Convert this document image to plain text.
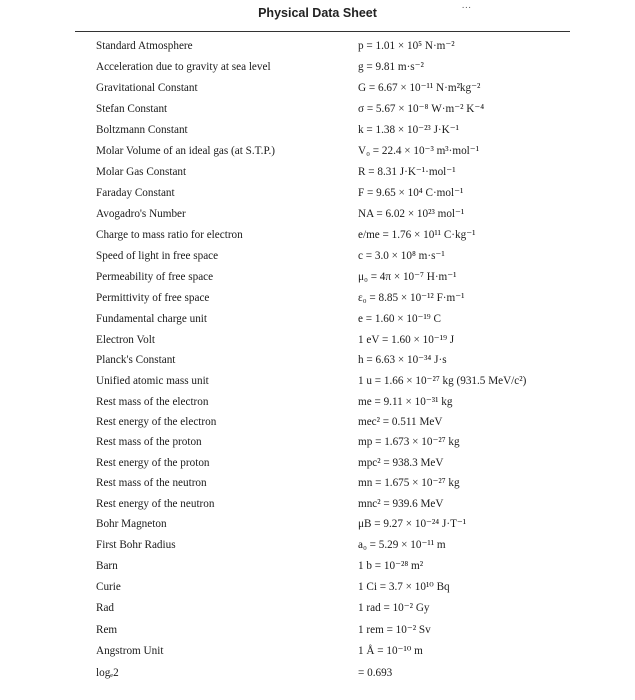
...
Physical Data Sheet
Standard Atmosphere	p = 1.01 × 10⁵ N·m⁻²
Acceleration due to gravity at sea level	g = 9.81 m·s⁻²
Gravitational Constant	G = 6.67 × 10⁻¹¹ N·m²kg⁻²
Stefan Constant	σ = 5.67 × 10⁻⁸ W·m⁻² K⁻⁴
Boltzmann Constant	k = 1.38 × 10⁻²³ J·K⁻¹
Molar Volume of an ideal gas (at S.T.P.)	V₀ = 22.4 × 10⁻³ m³·mol⁻¹
Molar Gas Constant	R = 8.31 J·K⁻¹·mol⁻¹
Faraday Constant	F = 9.65 × 10⁴ C·mol⁻¹
Avogadro's Number	NA = 6.02 × 10²³ mol⁻¹
Charge to mass ratio for electron	e/me = 1.76 × 10¹¹ C·kg⁻¹
Speed of light in free space	c = 3.0 × 10⁸ m·s⁻¹
Permeability of free space	μ₀ = 4π × 10⁻⁷ H·m⁻¹
Permittivity of free space	ε₀ = 8.85 × 10⁻¹² F·m⁻¹
Fundamental charge unit	e = 1.60 × 10⁻¹⁹ C
Electron Volt	1 eV = 1.60 × 10⁻¹⁹ J
Planck's Constant	h = 6.63 × 10⁻³⁴ J·s
Unified atomic mass unit	1 u = 1.66 × 10⁻²⁷ kg (931.5 MeV/c²)
Rest mass of the electron	me = 9.11 × 10⁻³¹ kg
Rest energy of the electron	mec² = 0.511 MeV
Rest mass of the proton	mp = 1.673 × 10⁻²⁷ kg
Rest energy of the proton	mpc² = 938.3 MeV
Rest mass of the neutron	mn = 1.675 × 10⁻²⁷ kg
Rest energy of the neutron	mnc² = 939.6 MeV
Bohr Magneton	μB = 9.27 × 10⁻²⁴ J·T⁻¹
First Bohr Radius	a₀ = 5.29 × 10⁻¹¹ m
Barn	1 b = 10⁻²⁸ m²
Curie	1 Ci = 3.7 × 10¹⁰ Bq
Rad	1 rad = 10⁻² Gy
Rem	1 rem = 10⁻² Sv
Angstrom Unit	1 Å = 10⁻¹⁰ m
logₑ2	= 0.693
